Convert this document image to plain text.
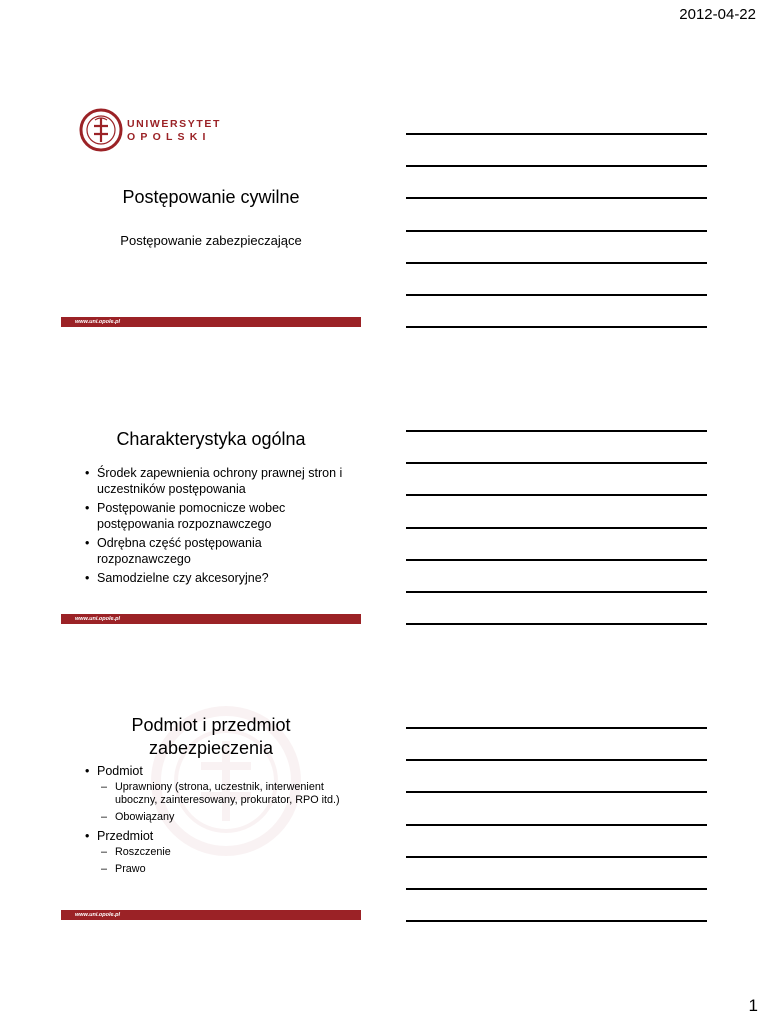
2012-04-22
UNIWERSYTET
OPOLSKI
Postępowanie cywilne
Postępowanie zabezpieczające
www.uni.opole.pl
Charakterystyka ogólna
• Środek zapewnienia ochrony prawnej stron i uczestników postępowania
• Postępowanie pomocnicze wobec postępowania rozpoznawczego
• Odrębna część postępowania rozpoznawczego
• Samodzielne czy akcesoryjne?
www.uni.opole.pl
Podmiot i przedmiot
zabezpieczenia
• Podmiot
– Uprawniony (strona, uczestnik, interwenient uboczny, zainteresowany, prokurator, RPO itd.)
– Obowiązany
• Przedmiot
– Roszczenie
– Prawo
www.uni.opole.pl
1
